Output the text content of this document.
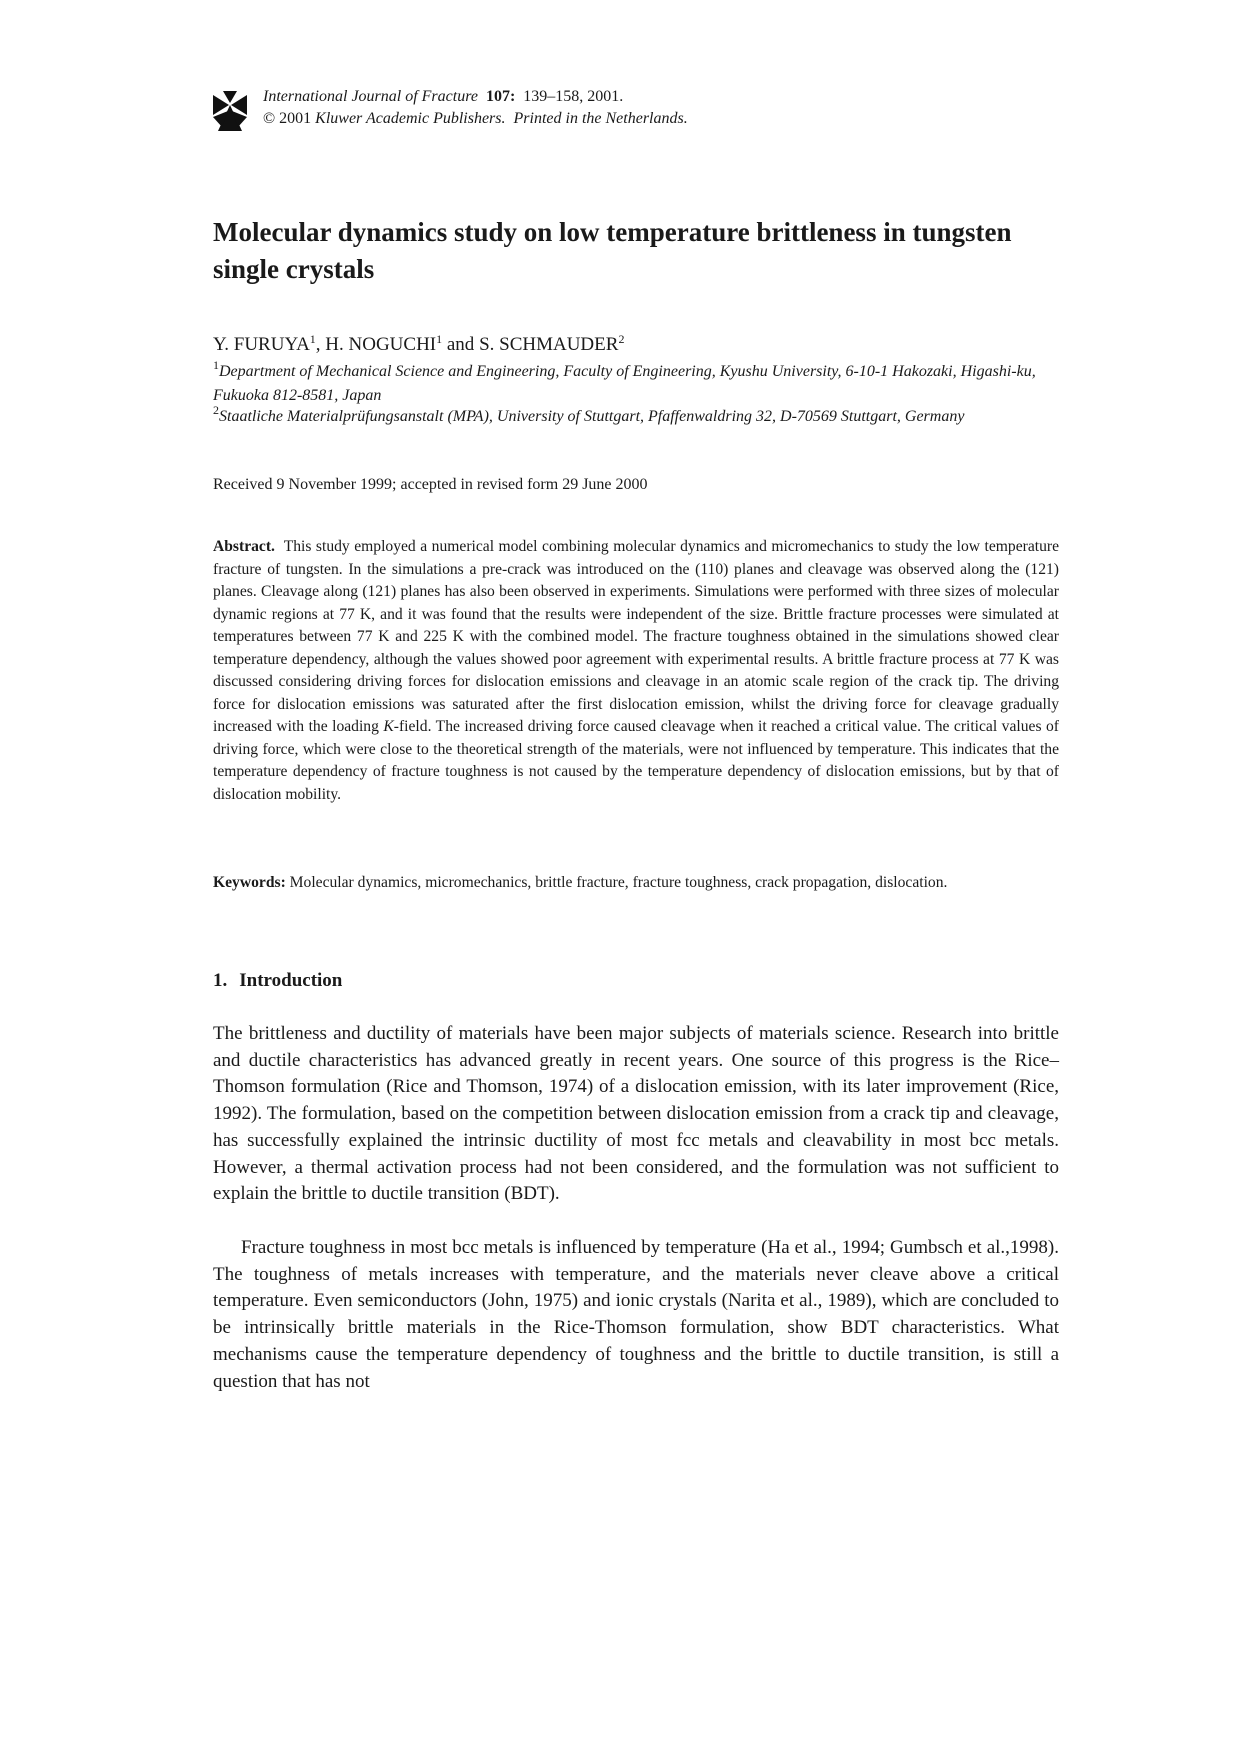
International Journal of Fracture 107: 139–158, 2001.
© 2001 Kluwer Academic Publishers. Printed in the Netherlands.
Molecular dynamics study on low temperature brittleness in tungsten single crystals
Y. FURUYA$^1$, H. NOGUCHI$^1$ and S. SCHMAUDER$^2$
$^1$Department of Mechanical Science and Engineering, Faculty of Engineering, Kyushu University, 6-10-1 Hakozaki, Higashi-ku, Fukuoka 812-8581, Japan
$^2$Staatliche Materialprüfungsanstalt (MPA), University of Stuttgart, Pfaffenwaldring 32, D-70569 Stuttgart, Germany
Received 9 November 1999; accepted in revised form 29 June 2000

Abstract. This study employed a numerical model combining molecular dynamics and micromechanics to study the low temperature fracture of tungsten. In the simulations a pre-crack was introduced on the (110) planes and cleavage was observed along the (121) planes. Cleavage along (121) planes has also been observed in experiments. Simulations were performed with three sizes of molecular dynamic regions at 77 K, and it was found that the results were independent of the size. Brittle fracture processes were simulated at temperatures between 77 K and 225 K with the combined model. The fracture toughness obtained in the simulations showed clear temperature dependency, although the values showed poor agreement with experimental results. A brittle fracture process at 77 K was discussed considering driving forces for dislocation emissions and cleavage in an atomic scale region of the crack tip. The driving force for dislocation emissions was saturated after the first dislocation emission, whilst the driving force for cleavage gradually increased with the loading K-field. The increased driving force caused cleavage when it reached a critical value. The critical values of driving force, which were close to the theoretical strength of the materials, were not influenced by temperature. This indicates that the temperature dependency of fracture toughness is not caused by the temperature dependency of dislocation emissions, but by that of dislocation mobility.

Keywords: Molecular dynamics, micromechanics, brittle fracture, fracture toughness, crack propagation, dislocation.

1. Introduction

The brittleness and ductility of materials have been major subjects of materials science. Research into brittle and ductile characteristics has advanced greatly in recent years. One source of this progress is the Rice–Thomson formulation (Rice and Thomson, 1974) of a dislocation emission, with its later improvement (Rice, 1992). The formulation, based on the competition between dislocation emission from a crack tip and cleavage, has successfully explained the intrinsic ductility of most fcc metals and cleavability in most bcc metals. However, a thermal activation process had not been considered, and the formulation was not sufficient to explain the brittle to ductile transition (BDT).

Fracture toughness in most bcc metals is influenced by temperature (Ha et al., 1994; Gumbsch et al.,1998). The toughness of metals increases with temperature, and the materials never cleave above a critical temperature. Even semiconductors (John, 1975) and ionic crystals (Narita et al., 1989), which are concluded to be intrinsically brittle materials in the Rice-Thomson formulation, show BDT characteristics. What mechanisms cause the temperature dependency of toughness and the brittle to ductile transition, is still a question that has not
